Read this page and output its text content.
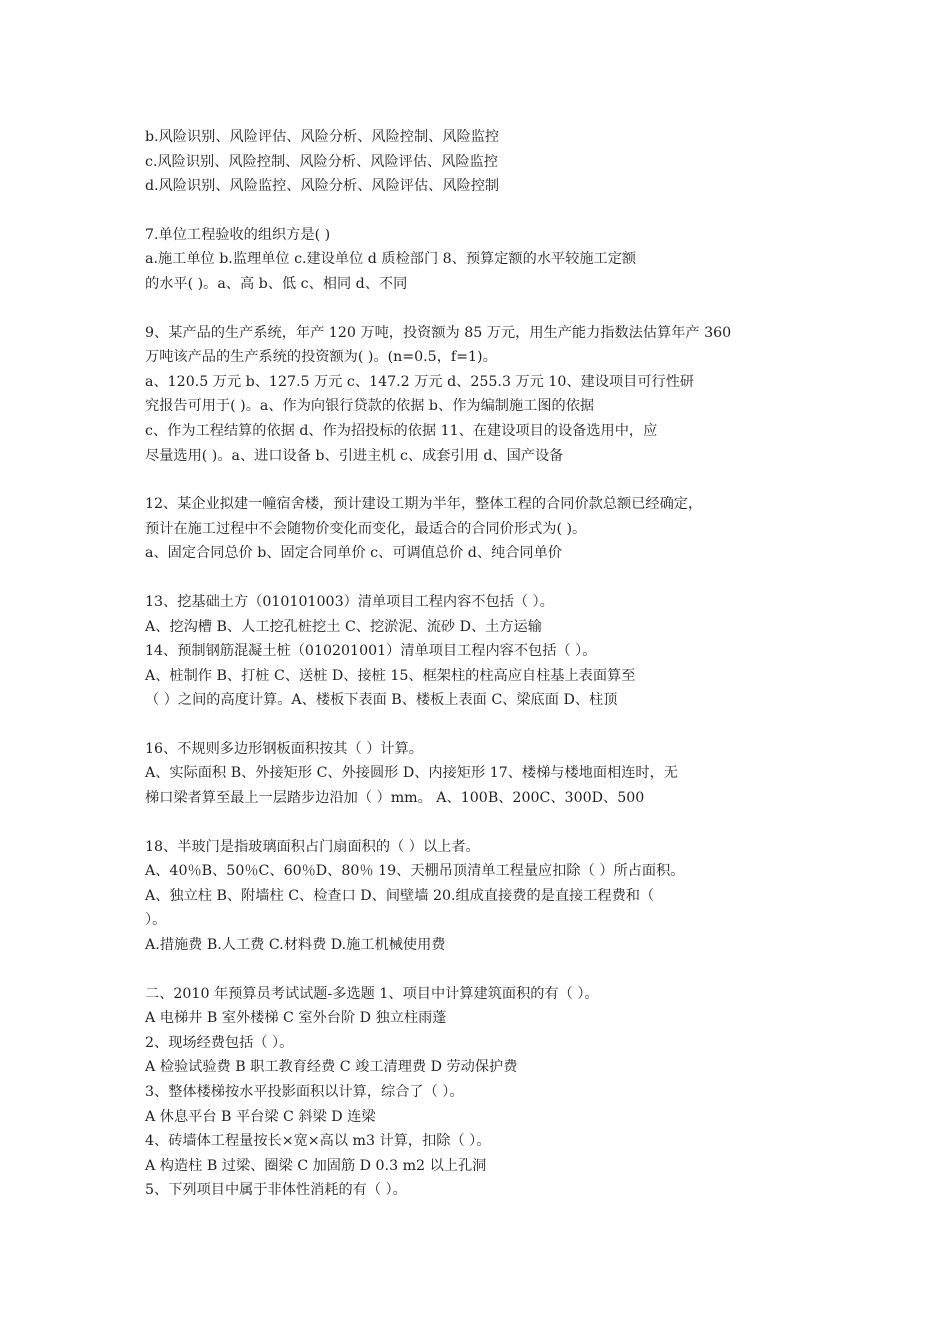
b.风险识别、风险评估、风险分析、风险控制、风险监控
c.风险识别、风险控制、风险分析、风险评估、风险监控
d.风险识别、风险监控、风险分析、风险评估、风险控制
7.单位工程验收的组织方是( )
a.施工单位 b.监理单位 c.建设单位 d 质检部门 8、预算定额的水平较施工定额
的水平( )。a、高 b、低 c、相同 d、不同
9、某产品的生产系统，年产 120 万吨，投资额为 85 万元，用生产能力指数法估算年产 360
万吨该产品的生产系统的投资额为( )。(n=0.5，f=1)。
a、120.5 万元 b、127.5 万元 c、147.2 万元 d、255.3 万元 10、建设项目可行性研
究报告可用于( )。a、作为向银行贷款的依据 b、作为编制施工图的依据
c、作为工程结算的依据 d、作为招投标的依据 11、在建设项目的设备选用中，应
尽量选用( )。a、进口设备 b、引进主机 c、成套引用 d、国产设备
12、某企业拟建一幢宿舍楼，预计建设工期为半年，整体工程的合同价款总额已经确定，
预计在施工过程中不会随物价变化而变化，最适合的合同价形式为( )。
a、固定合同总价 b、固定合同单价 c、可调值总价 d、纯合同单价
13、挖基础土方（010101003）清单项目工程内容不包括（ ）。
A、挖沟槽 B、人工挖孔桩挖土 C、挖淤泥、流砂 D、土方运输
14、预制钢筋混凝土桩（010201001）清单项目工程内容不包括（ ）。
A、桩制作 B、打桩 C、送桩 D、接桩 15、框架柱的柱高应自柱基上表面算至
（ ）之间的高度计算。A、楼板下表面 B、楼板上表面 C、梁底面 D、柱顶
16、不规则多边形钢板面积按其（ ）计算。
A、实际面积 B、外接矩形 C、外接圆形 D、内接矩形 17、楼梯与楼地面相连时，无
梯口梁者算至最上一层踏步边沿加（ ）mm。 A、100B、200C、300D、500
18、半玻门是指玻璃面积占门扇面积的（ ）以上者。
A、40％B、50％C、60％D、80％ 19、天棚吊顶清单工程量应扣除（ ）所占面积。
A、独立柱 B、附墙柱 C、检查口 D、间壁墙 20.组成直接费的是直接工程费和（
）。
A.措施费 B.人工费 C.材料费 D.施工机械使用费
二、2010 年预算员考试试题-多选题 1、项目中计算建筑面积的有（ ）。
A 电梯井 B 室外楼梯 C 室外台阶 D 独立柱雨蓬
2、现场经费包括（ ）。
A 检验试验费 B 职工教育经费 C 竣工清理费 D 劳动保护费
3、整体楼梯按水平投影面积以计算，综合了（ ）。
A 休息平台 B 平台梁 C 斜梁 D 连梁
4、砖墙体工程量按长×宽×高以 m3 计算，扣除（ ）。
A 构造柱 B 过梁、圈梁 C 加固筋 D 0.3 m2 以上孔洞
5、下列项目中属于非体性消耗的有（ ）。
